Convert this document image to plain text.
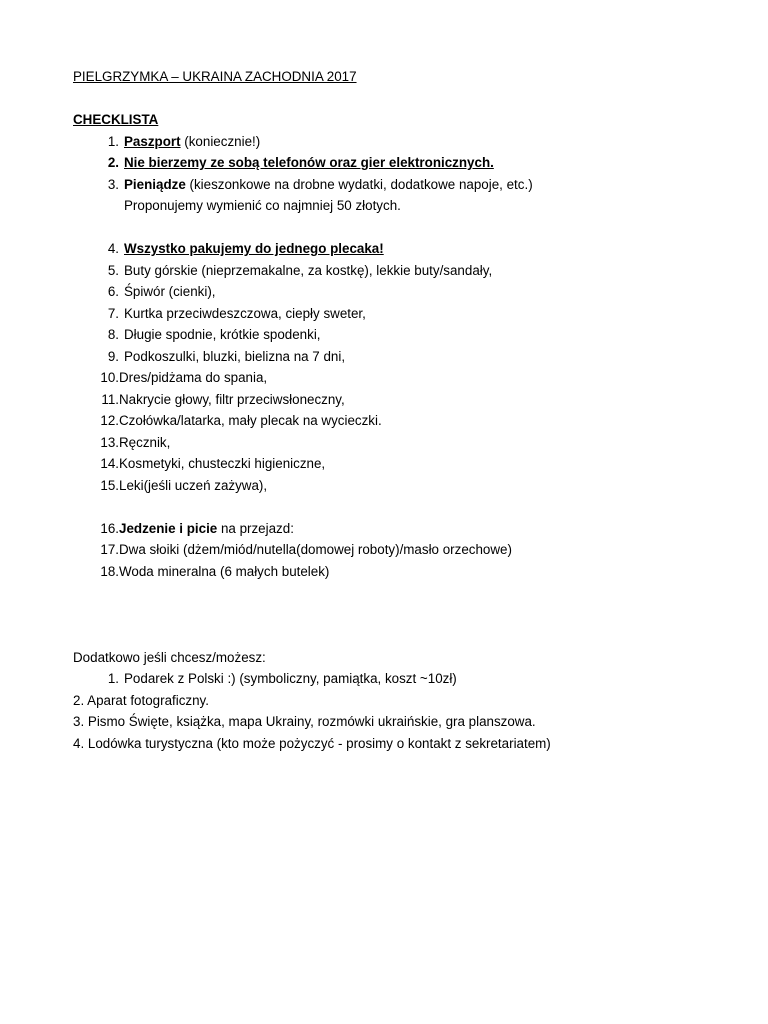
PIELGRZYMKA – UKRAINA ZACHODNIA 2017
CHECKLISTA
1. Paszport (koniecznie!)
2. Nie bierzemy ze sobą telefonów oraz gier elektronicznych.
3. Pieniądze (kieszonkowe na drobne wydatki, dodatkowe napoje, etc.)
Proponujemy wymienić co najmniej 50 złotych.
4. Wszystko pakujemy do jednego plecaka!
5. Buty górskie (nieprzemakalne, za kostkę), lekkie buty/sandały,
6. Śpiwór (cienki),
7. Kurtka przeciwdeszczowa, ciepły sweter,
8. Długie spodnie, krótkie spodenki,
9. Podkoszulki, bluzki, bielizna na 7 dni,
10. Dres/pidżama do spania,
11. Nakrycie głowy, filtr przeciwsłoneczny,
12. Czołówka/latarka, mały plecak na wycieczki.
13. Ręcznik,
14. Kosmetyki, chusteczki higieniczne,
15. Leki(jeśli uczeń zażywa),
16. Jedzenie i picie na przejazd:
17. Dwa słoiki (dżem/miód/nutella(domowej roboty)/masło orzechowe)
18. Woda mineralna (6 małych butelek)
Dodatkowo jeśli chcesz/możesz:
1. Podarek z Polski :) (symboliczny, pamiątka, koszt ~10zł)
2. Aparat fotograficzny.
3. Pismo Święte, książka, mapa Ukrainy, rozmówki ukraińskie, gra planszowa.
4. Lodówka turystyczna (kto może pożyczyć - prosimy o kontakt z sekretariatem)
